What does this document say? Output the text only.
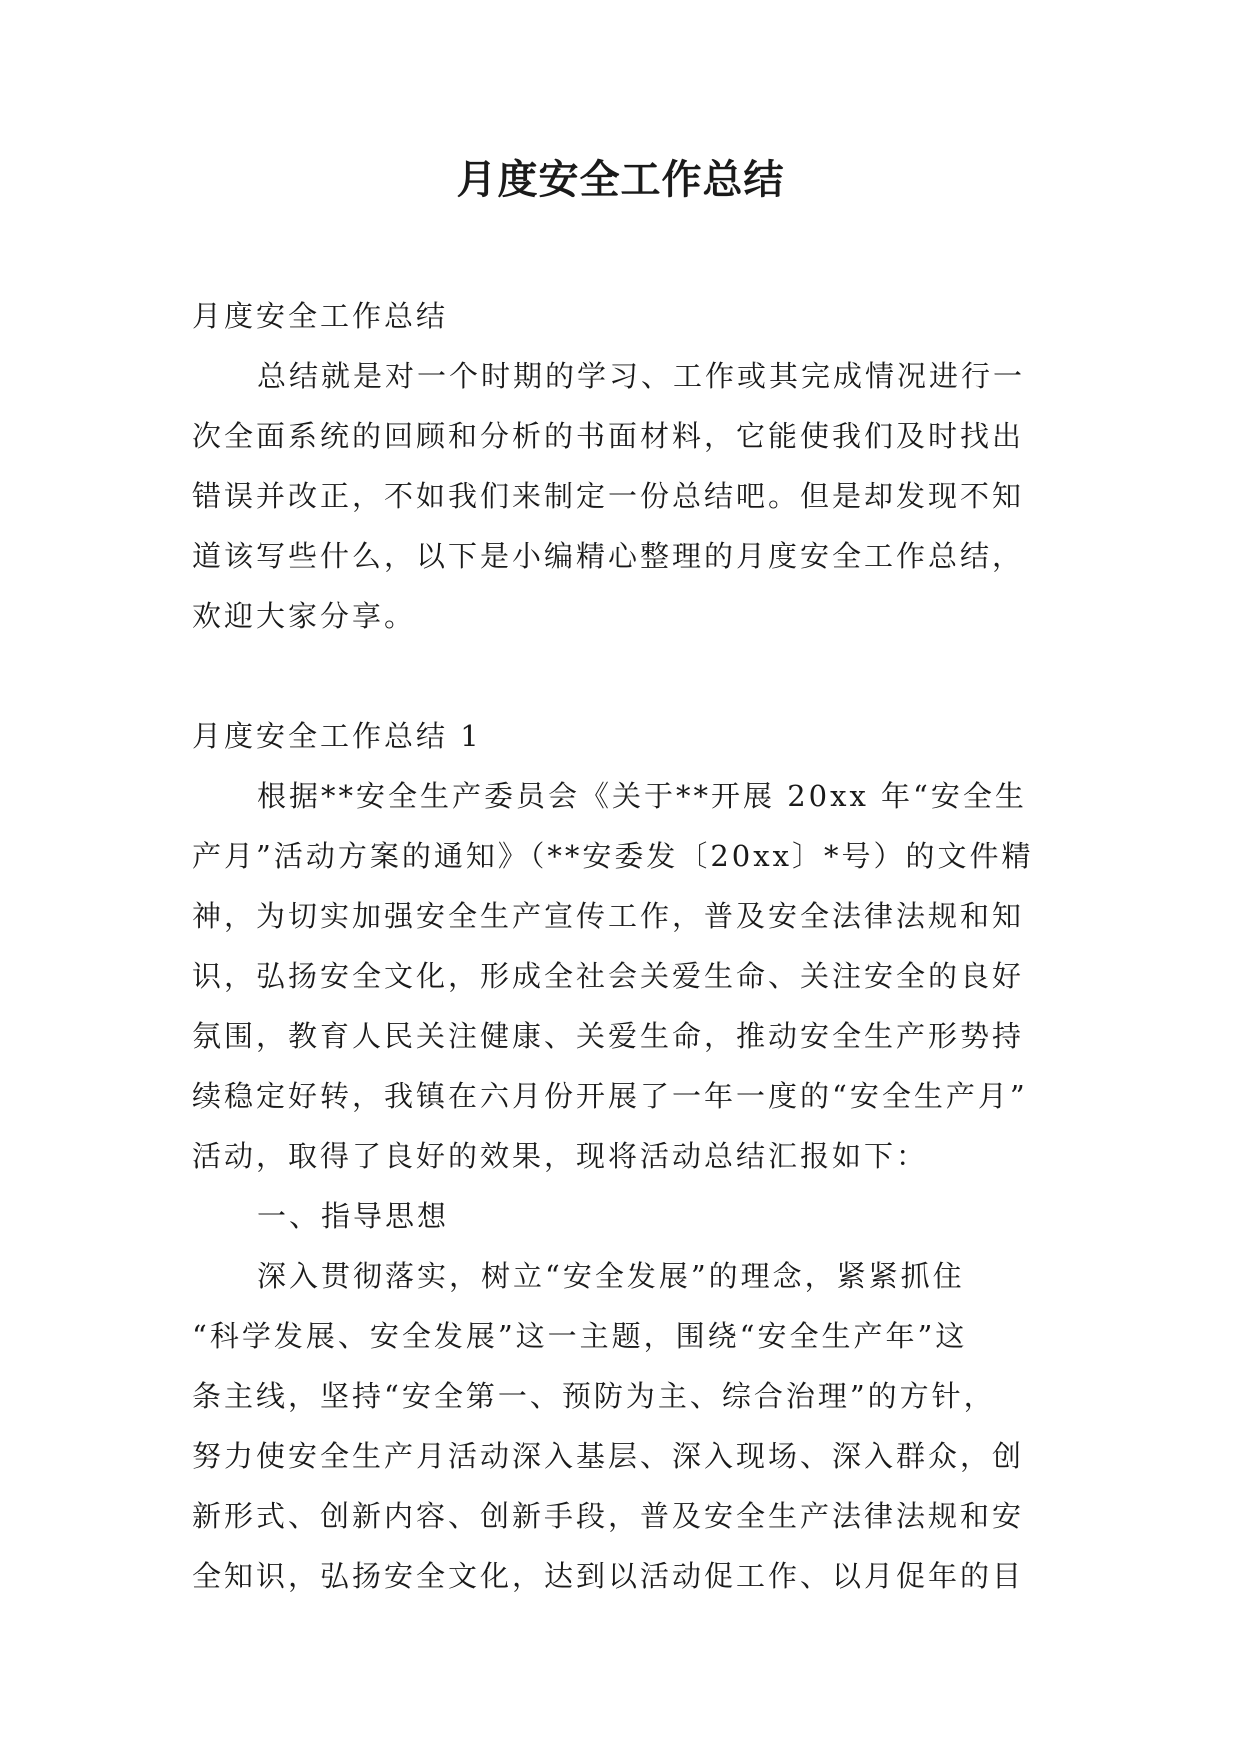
月度安全工作总结

月度安全工作总结

总结就是对一个时期的学习、工作或其完成情况进行一

次全面系统的回顾和分析的书面材料，它能使我们及时找出

错误并改正，不如我们来制定一份总结吧。但是却发现不知

道该写些什么，以下是小编精心整理的月度安全工作总结，

欢迎大家分享。

月度安全工作总结 1

根据**安全生产委员会《关于**开展 20xx 年“安全生

产月”活动方案的通知》（**安委发〔20xx〕*号）的文件精

神，为切实加强安全生产宣传工作，普及安全法律法规和知

识，弘扬安全文化，形成全社会关爱生命、关注安全的良好

氛围，教育人民关注健康、关爱生命，推动安全生产形势持

续稳定好转，我镇在六月份开展了一年一度的“安全生产月”

活动，取得了良好的效果，现将活动总结汇报如下：

一、指导思想

深入贯彻落实，树立“安全发展”的理念，紧紧抓住

“科学发展、安全发展”这一主题，围绕“安全生产年”这

条主线，坚持“安全第一、预防为主、综合治理”的方针，

努力使安全生产月活动深入基层、深入现场、深入群众，创

新形式、创新内容、创新手段，普及安全生产法律法规和安

全知识，弘扬安全文化，达到以活动促工作、以月促年的目
